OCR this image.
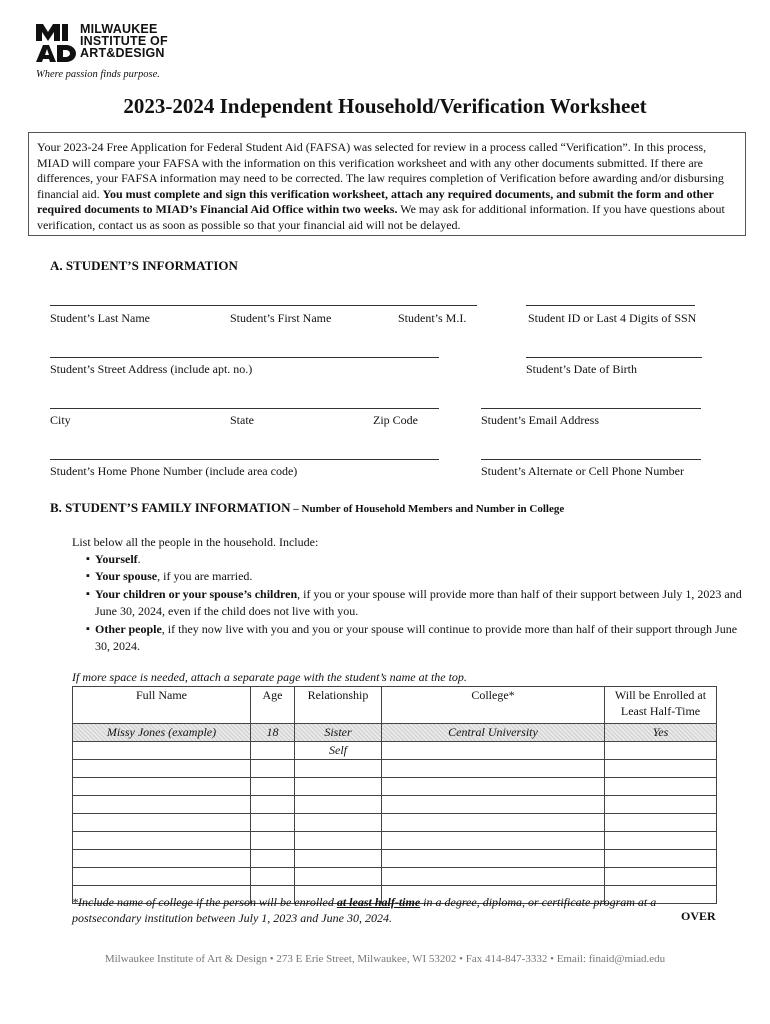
MILWAUKEE
INSTITUTE OF
ART&DESIGN
Where passion finds purpose.
2023-2024 Independent Household/Verification Worksheet
Your 2023-24 Free Application for Federal Student Aid (FAFSA) was selected for review in a process called “Verification”. In this process, MIAD will compare your FAFSA with the information on this verification worksheet and with any other documents submitted. If there are differences, your FAFSA information may need to be corrected. The law requires completion of Verification before awarding and/or disbursing financial aid. You must complete and sign this verification worksheet, attach any required documents, and submit the form and other required documents to MIAD’s Financial Aid Office within two weeks. We may ask for additional information. If you have questions about verification, contact us as soon as possible so that your financial aid will not be delayed.
A. STUDENT’S INFORMATION
Student’s Last Name	Student’s First Name	Student’s M.I.	Student ID or Last 4 Digits of SSN
Student’s Street Address (include apt. no.)	Student’s Date of Birth
City	State	Zip Code	Student’s Email Address
Student’s Home Phone Number (include area code)	Student’s Alternate or Cell Phone Number
B. STUDENT’S FAMILY INFORMATION – Number of Household Members and Number in College
List below all the people in the household. Include:
▪ Yourself.
▪ Your spouse, if you are married.
▪ Your children or your spouse’s children, if you or your spouse will provide more than half of their support between July 1, 2023 and June 30, 2024, even if the child does not live with you.
▪ Other people, if they now live with you and you or your spouse will continue to provide more than half of their support through June 30, 2024.
If more space is needed, attach a separate page with the student’s name at the top.
Full Name	Age	Relationship	College*	Will be Enrolled at Least Half-Time
Missy Jones (example)	18	Sister	Central University	Yes
		Self		

*Include name of college if the person will be enrolled at least half-time in a degree, diploma, or certificate program at a postsecondary institution between July 1, 2023 and June 30, 2024.	OVER
Milwaukee Institute of Art & Design • 273 E Erie Street, Milwaukee, WI 53202 • Fax 414-847-3332 • Email: finaid@miad.edu
